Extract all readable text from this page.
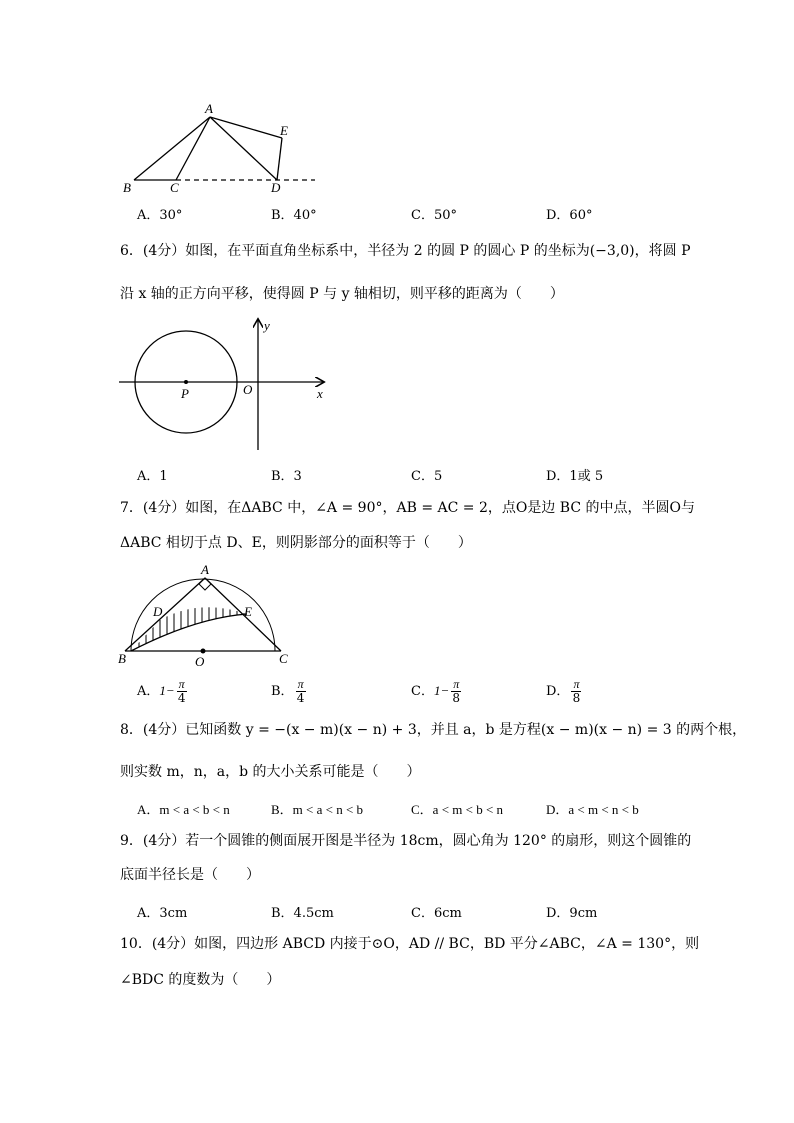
A
B	C	D
E
A．30°	B．40°	C．50°	D．60°
6．(4分）如图，在平面直角坐标系中，半径为 2 的圆 P 的圆心 P 的坐标为(−3,0)，将圆 P
沿 x 轴的正方向平移，使得圆 P 与 y 轴相切，则平移的距离为（　　）
y
x
P	O
A．1	B．3	C．5	D．1或 5
7．(4分）如图，在ΔABC 中，∠A = 90°，AB = AC = 2，点O是边 BC 的中点，半圆O与
ΔABC 相切于点 D、E，则阴影部分的面积等于（　　）
A
B	C
D	E
O
A．$1- \frac{\pi}{4}$	B． $\frac{\pi}{4}$	C．$1- \frac{\pi}{8}$	D． $\frac{\pi}{8}$
8．(4分）已知函数 y = −(x − m)(x − n) + 3，并且 a，b 是方程(x − m)(x − n) = 3 的两个根，
则实数 m，n，a，b 的大小关系可能是（　　）
A．m < a < b < n	B．m < a < n < b	C．a < m < b < n	D．a < m < n < b
9．(4分）若一个圆锥的侧面展开图是半径为 18cm，圆心角为 120° 的扇形，则这个圆锥的
底面半径长是（　　）
A．3cm	B．4.5cm	C．6cm	D．9cm
10．(4分）如图，四边形 ABCD 内接于⊙O，AD // BC，BD 平分∠ABC，∠A = 130°，则
∠BDC 的度数为（　　）
